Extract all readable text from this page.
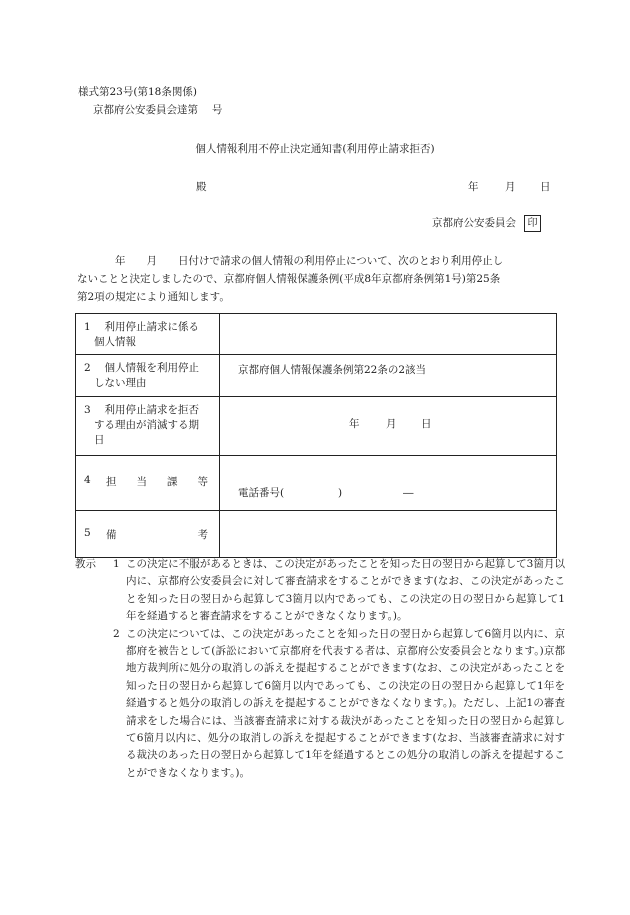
様式第23号(第18条関係)
京都府公安委員会達第　 号
個人情報利用不停止決定通知書(利用停止請求拒否)
殿	年	月 日
京都府公安委員会	印
年　　月　　日付けで請求の個人情報の利用停止について、次のとおり利用停止し
ないことと決定しましたので、京都府個人情報保護条例(平成8年京都府条例第1号)第25条
第2項の規定により通知します。
1　 利用停止請求に係る
個人情報	

2　 個人情報を利用停止
しない理由	京都府個人情報保護条例第22条の2該当

3　 利用停止請求を拒否
する理由が消滅する期
日	年 月 日

4 担 当 課 等	電話番号( ) ―

5 備 考	

教示 1 この決定に不服があるときは、この決定があったことを知った日の翌日から起算して3箇月以内に、京都府公安委員会に対して審査請求をすることができます(なお、この決定があったことを知った日の翌日から起算して3箇月以内であっても、この決定の日の翌日から起算して1年を経過すると審査請求をすることができなくなります。)。
2 この決定については、この決定があったことを知った日の翌日から起算して6箇月以内に、京都府を被告として(訴訟において京都府を代表する者は、京都府公安委員会となります。)京都地方裁判所に処分の取消しの訴えを提起することができます(なお、この決定があったことを知った日の翌日から起算して6箇月以内であっても、この決定の日の翌日から起算して1年を経過すると処分の取消しの訴えを提起することができなくなります。)。ただし、上記1の審査請求をした場合には、当該審査請求に対する裁決があったことを知った日の翌日から起算して6箇月以内に、処分の取消しの訴えを提起することができます(なお、当該審査請求に対する裁決のあった日の翌日から起算して1年を経過するとこの処分の取消しの訴えを提起することができなくなります。)。
